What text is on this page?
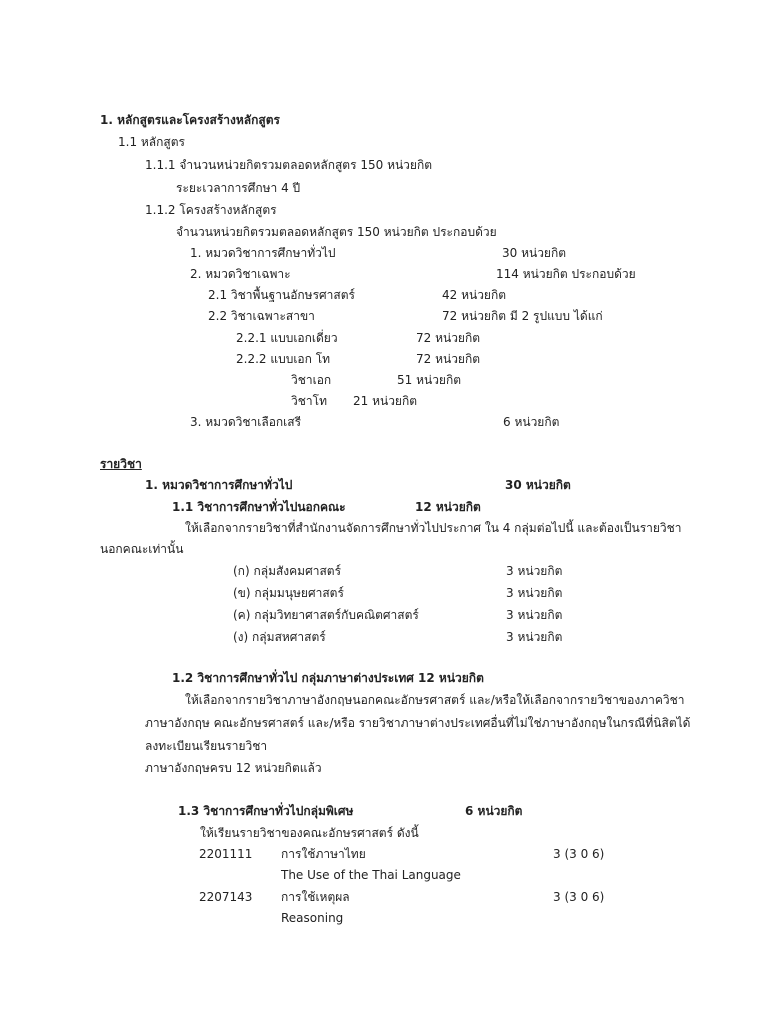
1. หลักสูตรและโครงสร้างหลักสูตร
1.1 หลักสูตร
1.1.1 จำนวนหน่วยกิตรวมตลอดหลักสูตร 150 หน่วยกิต
ระยะเวลาการศึกษา 4 ปี
1.1.2 โครงสร้างหลักสูตร
จำนวนหน่วยกิตรวมตลอดหลักสูตร 150 หน่วยกิต ประกอบด้วย
1. หมวดวิชาการศึกษาทั่วไป	30 หน่วยกิต
2. หมวดวิชาเฉพาะ	114 หน่วยกิต ประกอบด้วย
2.1 วิชาพื้นฐานอักษรศาสตร์	42 หน่วยกิต
2.2 วิชาเฉพาะสาขา	72 หน่วยกิต มี 2 รูปแบบ ได้แก่
2.2.1 แบบเอกเดี่ยว	72 หน่วยกิต
2.2.2 แบบเอก โท	72 หน่วยกิต
วิชาเอก	51 หน่วยกิต
วิชาโท 21 หน่วยกิต
3. หมวดวิชาเลือกเสรี	6 หน่วยกิต
รายวิชา
1. หมวดวิชาการศึกษาทั่วไป	30 หน่วยกิต
1.1 วิชาการศึกษาทั่วไปนอกคณะ	12 หน่วยกิต
ให้เลือกจากรายวิชาที่สำนักงานจัดการศึกษาทั่วไปประกาศ ใน 4 กลุ่มต่อไปนี้ และต้องเป็นรายวิชา
นอกคณะเท่านั้น
(ก) กลุ่มสังคมศาสตร์	3 หน่วยกิต
(ข) กลุ่มมนุษยศาสตร์	3 หน่วยกิต
(ค) กลุ่มวิทยาศาสตร์กับคณิตศาสตร์	3 หน่วยกิต
(ง) กลุ่มสหศาสตร์	3 หน่วยกิต
1.2 วิชาการศึกษาทั่วไป กลุ่มภาษาต่างประเทศ 12 หน่วยกิต
ให้เลือกจากรายวิชาภาษาอังกฤษนอกคณะอักษรศาสตร์ และ/หรือให้เลือกจากรายวิชาของภาควิชา
ภาษาอังกฤษ คณะอักษรศาสตร์ และ/หรือ รายวิชาภาษาต่างประเทศอื่นที่ไม่ใช่ภาษาอังกฤษในกรณีที่นิสิตได้
ลงทะเบียนเรียนรายวิชา
ภาษาอังกฤษครบ 12 หน่วยกิตแล้ว
1.3 วิชาการศึกษาทั่วไปกลุ่มพิเศษ	6 หน่วยกิต
ให้เรียนรายวิชาของคณะอักษรศาสตร์ ดังนี้
2201111 การใช้ภาษาไทย	3 (3 0 6)
The Use of the Thai Language
2207143 การใช้เหตุผล	3 (3 0 6)
Reasoning
